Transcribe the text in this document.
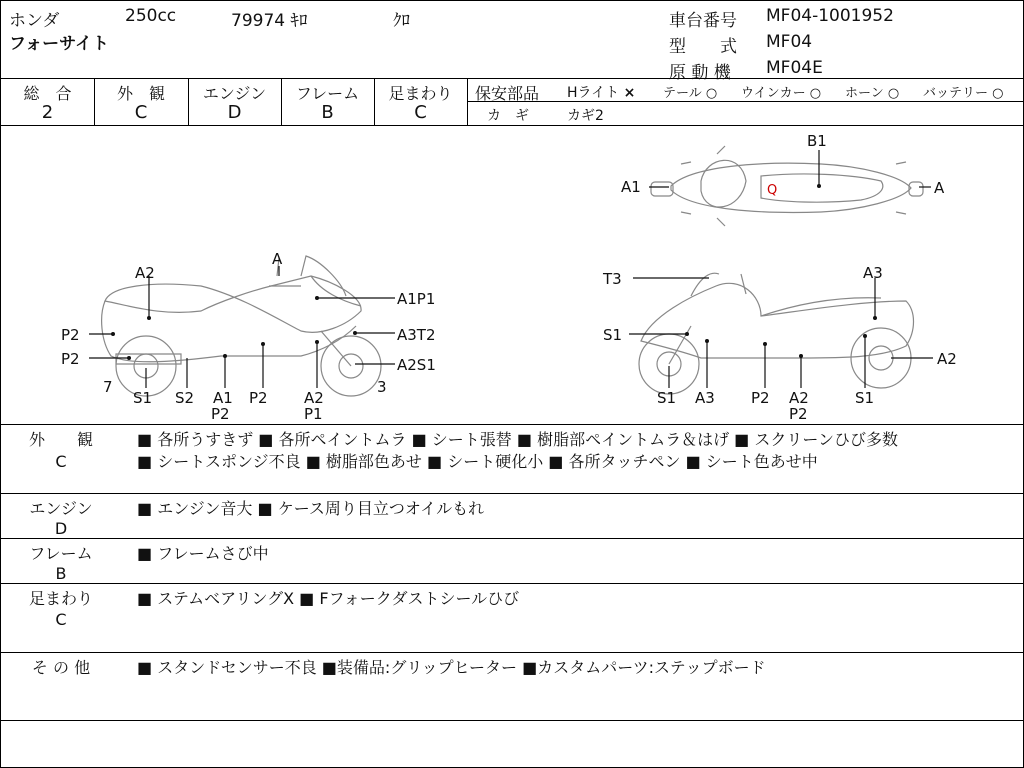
ホンダ	250cc	79974 ｷﾛ	ｸﾛ
フォーサイト
車台番号 MF04-1001952
型　　式 MF04
原 動 機 MF04E
総　合
2
外　観
C
エンジン
D
フレーム
B
足まわり
C
保安部品 Hライト × テール ○ ウインカー ○ ホーン ○ バッテリー ○
カ　ギ	カギ2
B1
A1	A
Q
A
A2
A1P1
P2	A3T2
P2	A2S1
7
S1 S2 A1
P2
P2 A2
P1
3
T3	A3
S1
A2
S1 A3 P2 A2
P2
S1
外　　観
C
■ 各所うすきず ■ 各所ペイントムラ ■ シート張替 ■ 樹脂部ペイントムラ＆はげ ■ スクリーンひび多数
■ シートスポンジ不良 ■ 樹脂部色あせ ■ シート硬化小 ■ 各所タッチペン ■ シート色あせ中
エンジン
D
■ エンジン音大 ■ ケース周り目立つオイルもれ
フレーム
B
■ フレームさび中
足まわり
C
■ ステムベアリングX ■ Fフォークダストシールひび
そ の 他	■ スタンドセンサー不良 ■装備品:グリップヒーター ■カスタムパーツ:ステップボード
